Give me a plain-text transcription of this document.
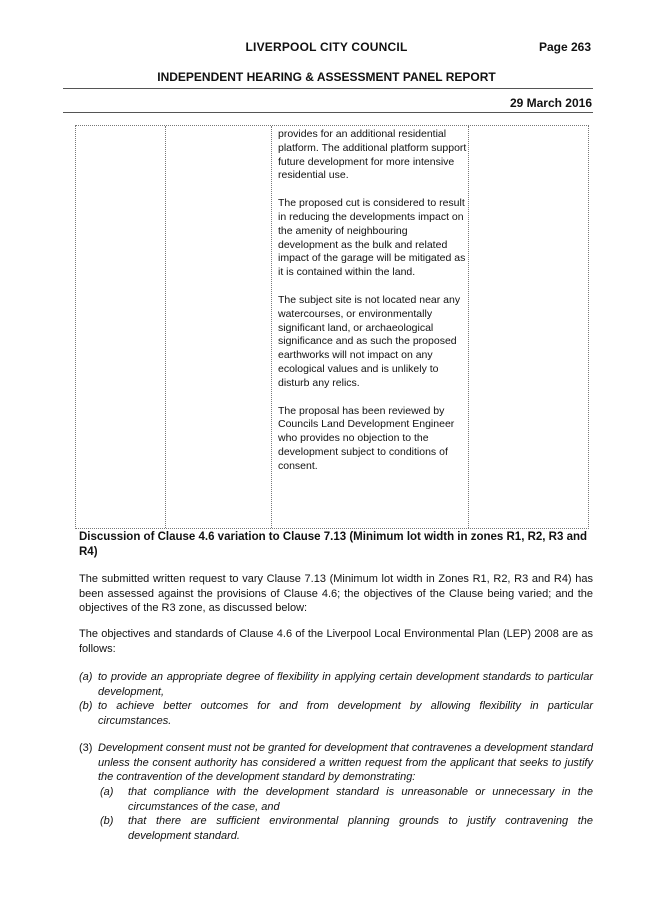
LIVERPOOL CITY COUNCIL	Page 263
INDEPENDENT HEARING & ASSESSMENT PANEL REPORT
29 March 2016

provides for an additional residential platform. The additional platform support future development for more intensive residential use.

The proposed cut is considered to result in reducing the developments impact on the amenity of neighbouring development as the bulk and related impact of the garage will be mitigated as it is contained within the land.

The subject site is not located near any watercourses, or environmentally significant land, or archaeological significance and as such the proposed earthworks will not impact on any ecological values and is unlikely to disturb any relics.

The proposal has been reviewed by Councils Land Development Engineer who provides no objection to the development subject to conditions of consent.

Discussion of Clause 4.6 variation to Clause 7.13 (Minimum lot width in zones R1, R2, R3 and R4)

The submitted written request to vary Clause 7.13 (Minimum lot width in Zones R1, R2, R3 and R4) has been assessed against the provisions of Clause 4.6; the objectives of the Clause being varied; and the objectives of the R3 zone, as discussed below:

The objectives and standards of Clause 4.6 of the Liverpool Local Environmental Plan (LEP) 2008 are as follows:

(a) to provide an appropriate degree of flexibility in applying certain development standards to particular development,

(b) to achieve better outcomes for and from development by allowing flexibility in particular circumstances.

(3) Development consent must not be granted for development that contravenes a development standard unless the consent authority has considered a written request from the applicant that seeks to justify the contravention of the development standard by demonstrating:

(a) that compliance with the development standard is unreasonable or unnecessary in the circumstances of the case, and

(b) that there are sufficient environmental planning grounds to justify contravening the development standard.
